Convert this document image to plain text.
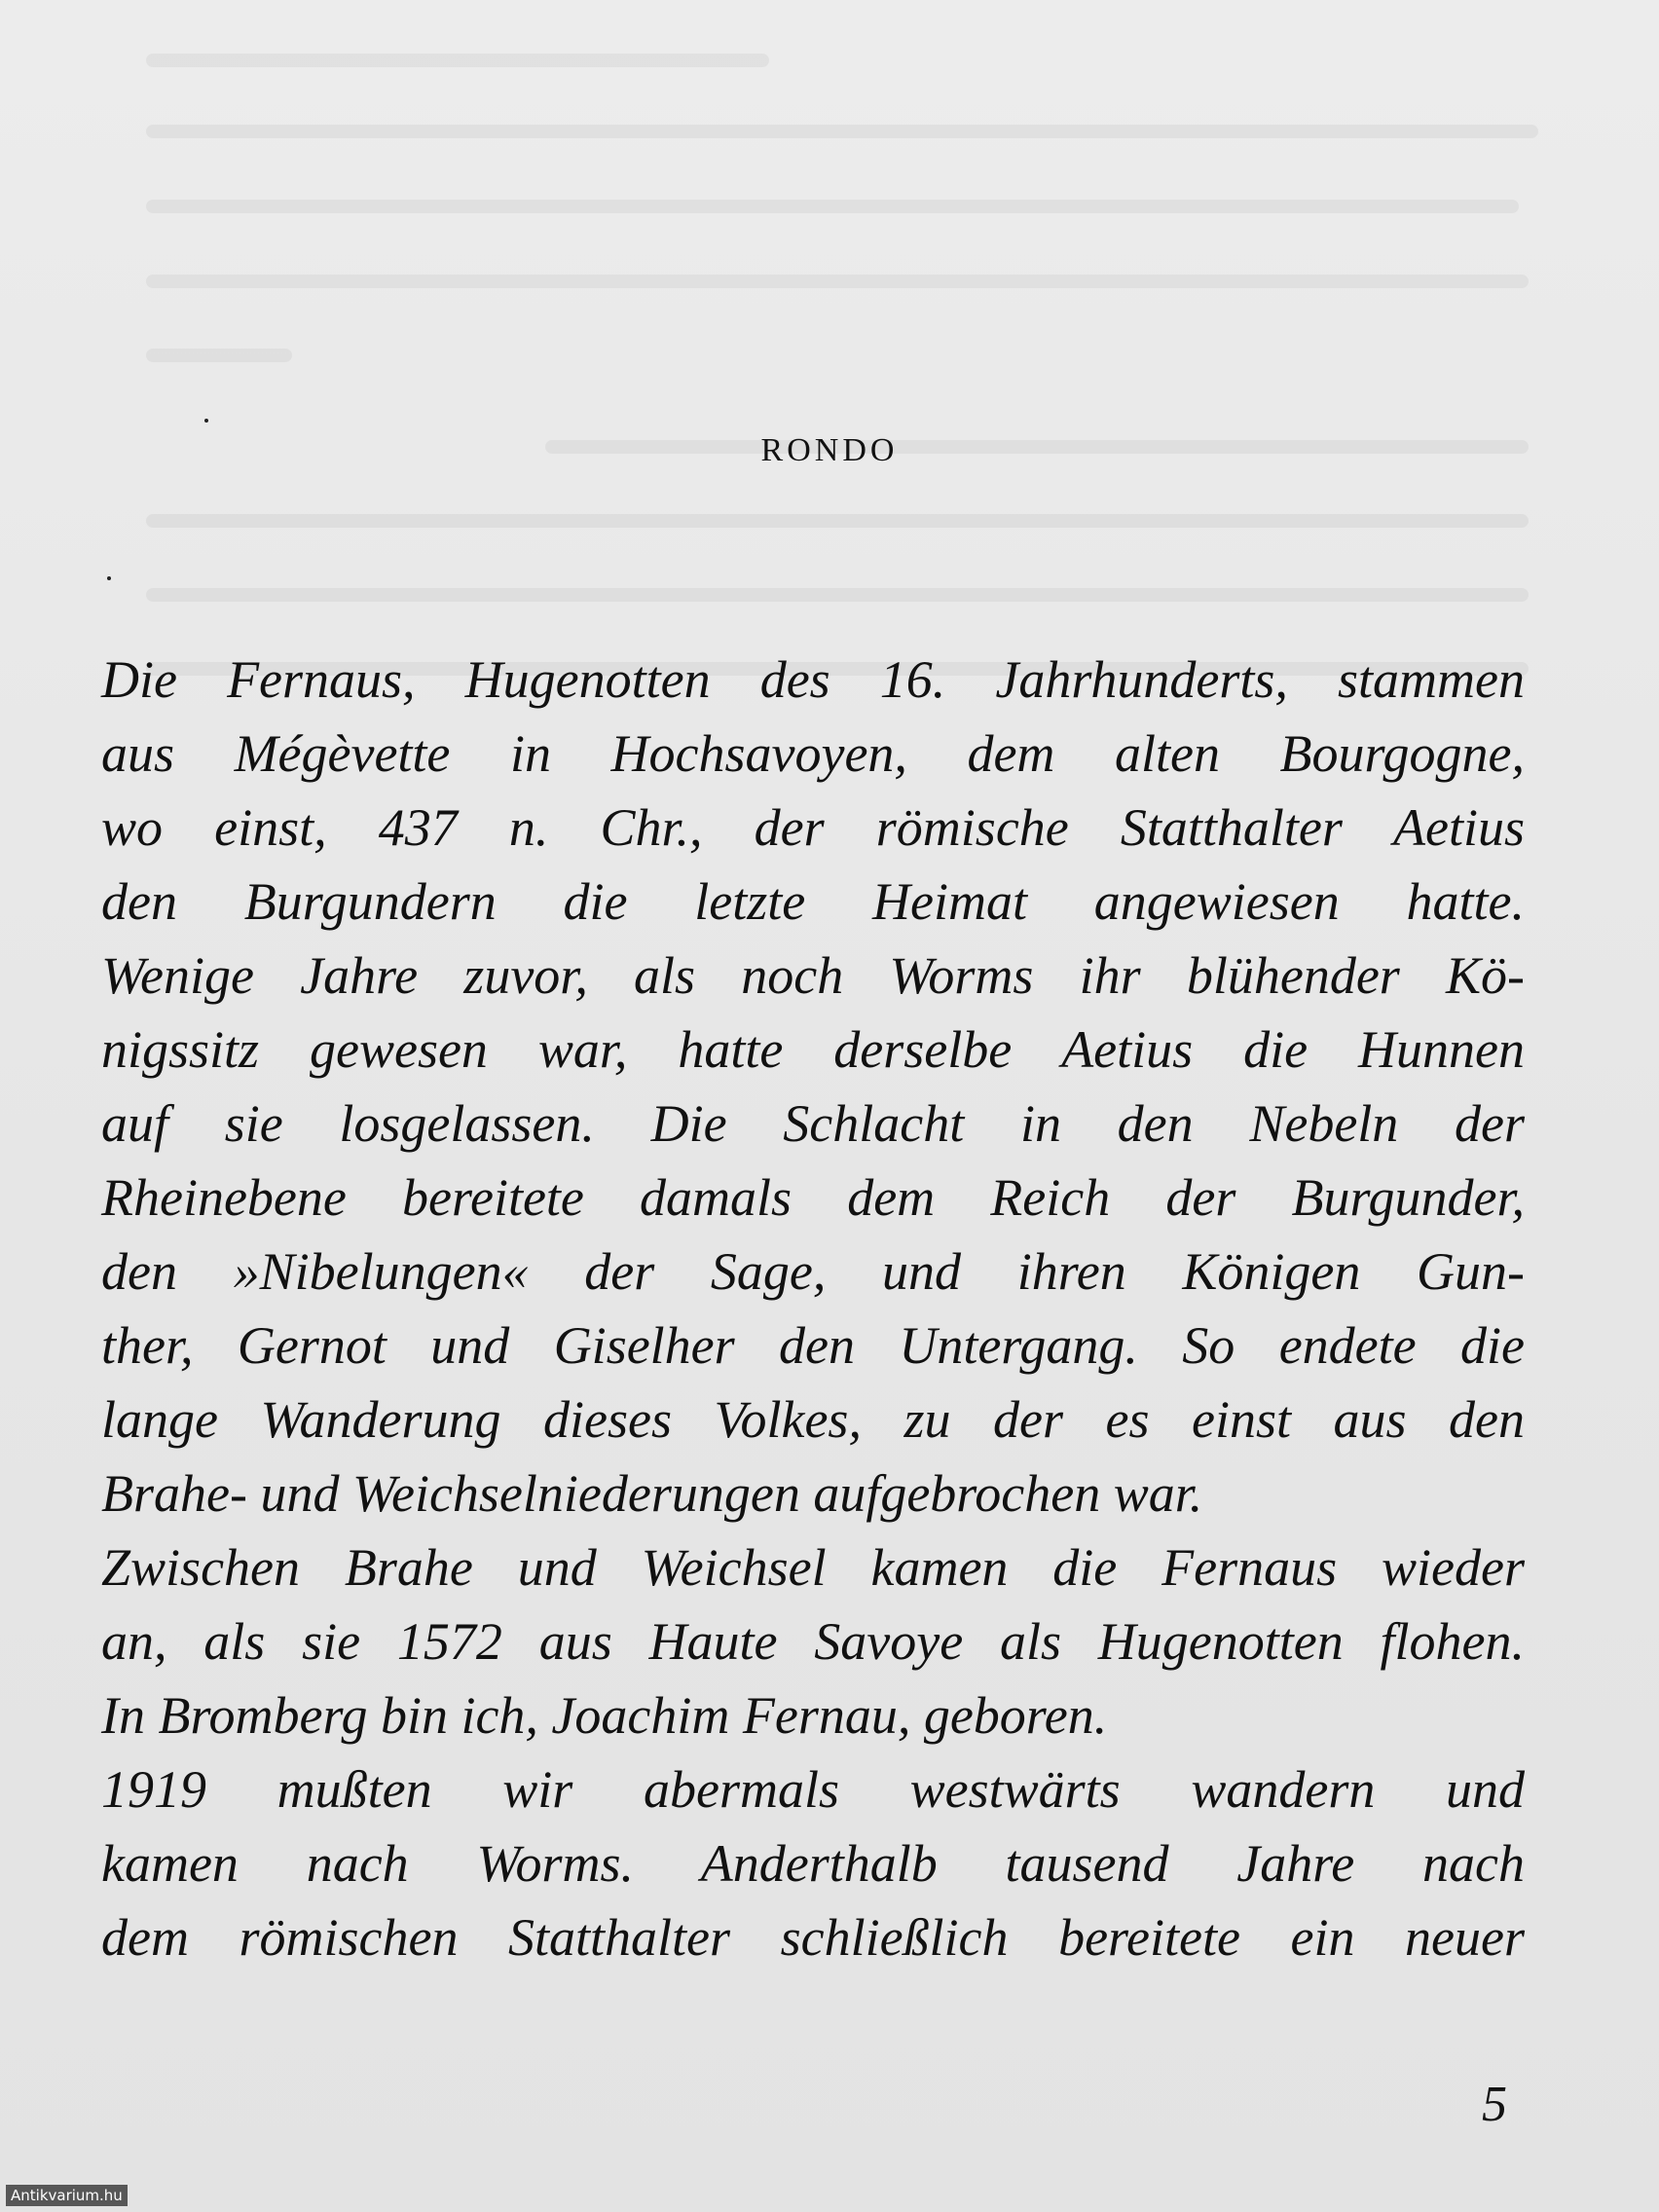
RONDO
Die Fernaus, Hugenotten des 16. Jahrhunderts, stammen
aus Mégèvette in Hochsavoyen, dem alten Bourgogne,
wo einst, 437 n. Chr., der römische Statthalter Aetius
den Burgundern die letzte Heimat angewiesen hatte.
Wenige Jahre zuvor, als noch Worms ihr blühender Kö-
nigssitz gewesen war, hatte derselbe Aetius die Hunnen
auf sie losgelassen. Die Schlacht in den Nebeln der
Rheinebene bereitete damals dem Reich der Burgunder,
den »Nibelungen« der Sage, und ihren Königen Gun-
ther, Gernot und Giselher den Untergang. So endete die
lange Wanderung dieses Volkes, zu der es einst aus den
Brahe- und Weichselniederungen aufgebrochen war.
Zwischen Brahe und Weichsel kamen die Fernaus wieder
an, als sie 1572 aus Haute Savoye als Hugenotten flohen.
In Bromberg bin ich, Joachim Fernau, geboren.
1919 mußten wir abermals westwärts wandern und
kamen nach Worms. Anderthalb tausend Jahre nach
dem römischen Statthalter schließlich bereitete ein neuer
5
Antikvarium.hu
